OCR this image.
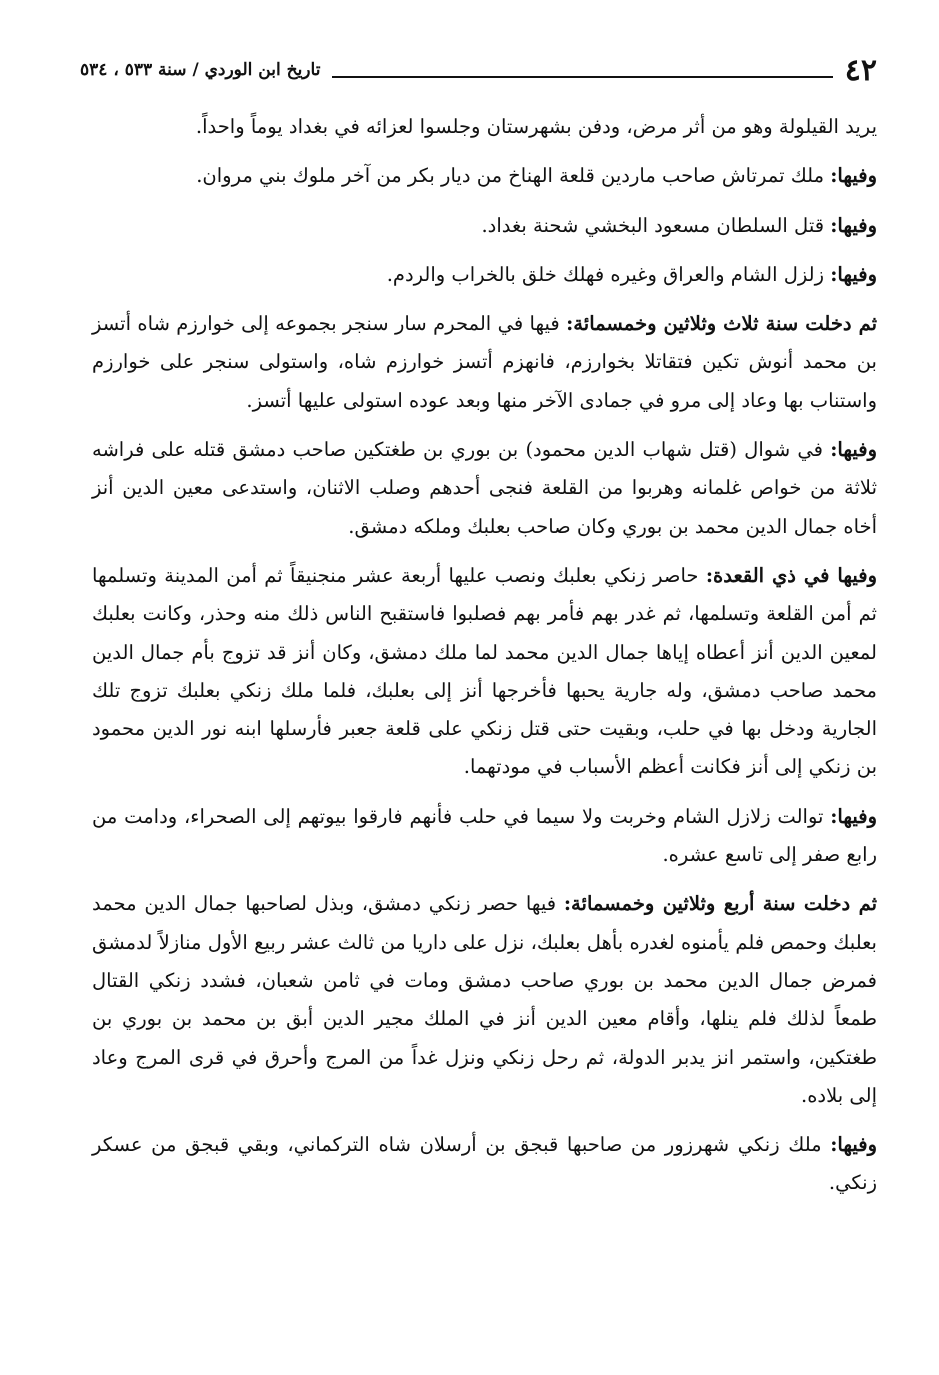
٤٢
تاريخ ابن الوردي / سنة ٥٣٣ ، ٥٣٤

يريد القيلولة وهو من أثر مرض، ودفن بشهرستان وجلسوا لعزائه في بغداد يوماً واحداً.

وفيها: ملك تمرتاش صاحب ماردين قلعة الهناخ من ديار بكر من آخر ملوك بني مروان.

وفيها: قتل السلطان مسعود البخشي شحنة بغداد.

وفيها: زلزل الشام والعراق وغيره فهلك خلق بالخراب والردم.

ثم دخلت سنة ثلاث وثلاثين وخمسمائة: فيها في المحرم سار سنجر بجموعه إلى خوارزم شاه أتسز بن محمد أنوش تكين فتقاتلا بخوارزم، فانهزم أتسز خوارزم شاه، واستولى سنجر على خوارزم واستناب بها وعاد إلى مرو في جمادى الآخر منها وبعد عوده استولى عليها أتسز.

وفيها: في شوال (قتل شهاب الدين محمود) بن بوري بن طغتكين صاحب دمشق قتله على فراشه ثلاثة من خواص غلمانه وهربوا من القلعة فنجى أحدهم وصلب الاثنان، واستدعى معين الدين أنز أخاه جمال الدين محمد بن بوري وكان صاحب بعلبك وملكه دمشق.

وفيها في ذي القعدة: حاصر زنكي بعلبك ونصب عليها أربعة عشر منجنيقاً ثم أمن المدينة وتسلمها ثم أمن القلعة وتسلمها، ثم غدر بهم فأمر بهم فصلبوا فاستقبح الناس ذلك منه وحذر، وكانت بعلبك لمعين الدين أنز أعطاه إياها جمال الدين محمد لما ملك دمشق، وكان أنز قد تزوج بأم جمال الدين محمد صاحب دمشق، وله جارية يحبها فأخرجها أنز إلى بعلبك، فلما ملك زنكي بعلبك تزوج تلك الجارية ودخل بها في حلب، وبقيت حتى قتل زنكي على قلعة جعبر فأرسلها ابنه نور الدين محمود بن زنكي إلى أنز فكانت أعظم الأسباب في مودتهما.

وفيها: توالت زلازل الشام وخربت ولا سيما في حلب فأنهم فارقوا بيوتهم إلى الصحراء، ودامت من رابع صفر إلى تاسع عشره.

ثم دخلت سنة أربع وثلاثين وخمسمائة: فيها حصر زنكي دمشق، وبذل لصاحبها جمال الدين محمد بعلبك وحمص فلم يأمنوه لغدره بأهل بعلبك، نزل على داريا من ثالث عشر ربيع الأول منازلاً لدمشق فمرض جمال الدين محمد بن بوري صاحب دمشق ومات في ثامن شعبان، فشدد زنكي القتال طمعاً لذلك فلم ينلها، وأقام معين الدين أنز في الملك مجير الدين أبق بن محمد بن بوري بن طغتكين، واستمر انز يدبر الدولة، ثم رحل زنكي ونزل غداً من المرج وأحرق في قرى المرج وعاد إلى بلاده.

وفيها: ملك زنكي شهرزور من صاحبها قبجق بن أرسلان شاه التركماني، وبقي قبجق من عسكر زنكي.
